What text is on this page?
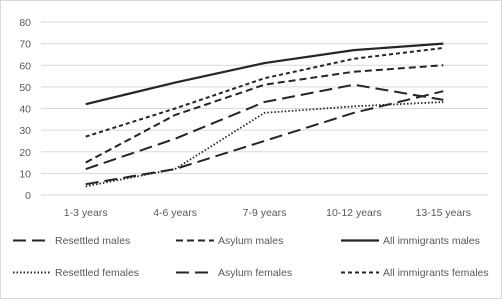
0
10
20
30
40
50
60
70
80
1-3 years	4-6 years	7-9 years	10-12 years	13-15 years
Resettled males	Asylum males	All immigrants males
Resettled females	Asylum females	All immigrants females
